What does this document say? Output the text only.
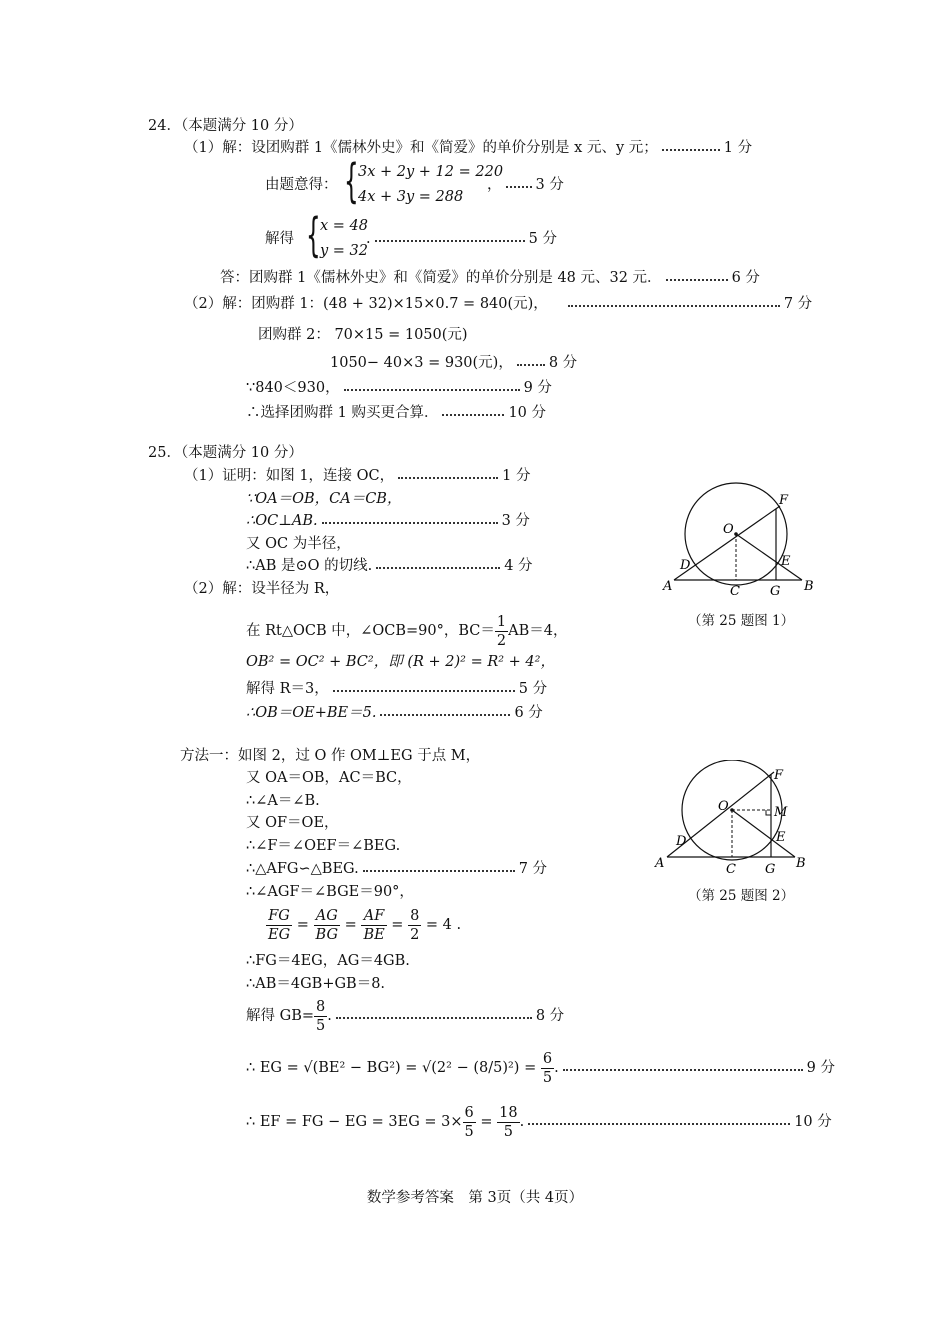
24．（本题满分 10 分）
（1）解：设团购群 1《儒林外史》和《简爱》的单价分别是 x 元、y 元；	1 分
由题意得： { 3x + 2y + 12 = 220
4x + 3y = 288
， 3 分
解得 { x = 48
y = 32
.	5 分
答：团购群 1《儒林外史》和《简爱》的单价分别是 48 元、32 元．	6 分
（2）解：团购群 1：(48 + 32)×15×0.7 = 840(元)，	7 分
团购群 2： 70×15 = 1050(元)
1050− 40×3 = 930(元)， 8 分
∵840＜930，	9 分
∴选择团购群 1 购买更合算．	10 分
25．（本题满分 10 分）
（1）证明：如图 1，连接 OC，	1 分
∵OA＝OB，CA＝CB，
∴OC⊥AB.	3 分
又 OC 为半径，
∴AB 是⊙O 的切线.	4 分
（2）解：设半径为 R，
在 Rt△OCB 中，∠OCB=90°，$BC= \frac{1}{2} AB=4$，
OB² = OC² + BC²，即 (R + 2)² = R² + 4²，
解得 R＝3，	5 分
∴OB＝OE+BE＝5.	6 分
方法一：如图 2，过 O 作 OM⊥EG 于点 M，
又 OA＝OB，AC＝BC，
∴∠A＝∠B.
又 OF＝OE，
∴∠F＝∠OEF＝∠BEG.
∴△AFG∽△BEG.	7 分
∴∠AGF＝∠BGE＝90°，
$\frac{FG}{EG} = \frac{AG}{BG} = \frac{AF}{BE} = \frac{8}{2} = 4$ .
∴FG＝4EG，AG＝4GB.
∴AB＝4GB+GB＝8.
解得 $GB= \frac{8}{5}$ .	8 分
∴ EG = $√(BE^2 - BG^2) = √(2^2 - (8/5)^2) = \frac{6}{5}$ .	9 分
∴ EF = FG − EG = $3EG = 3\times \frac{6}{5} = \frac{18}{5}$ .	10 分
A
D
C G B
E
F
O
（第 25 题图 1）
A
D
C G B
E
F
M
O
（第 25 题图 2）
数学参考答案　第 3页（共 4页）
